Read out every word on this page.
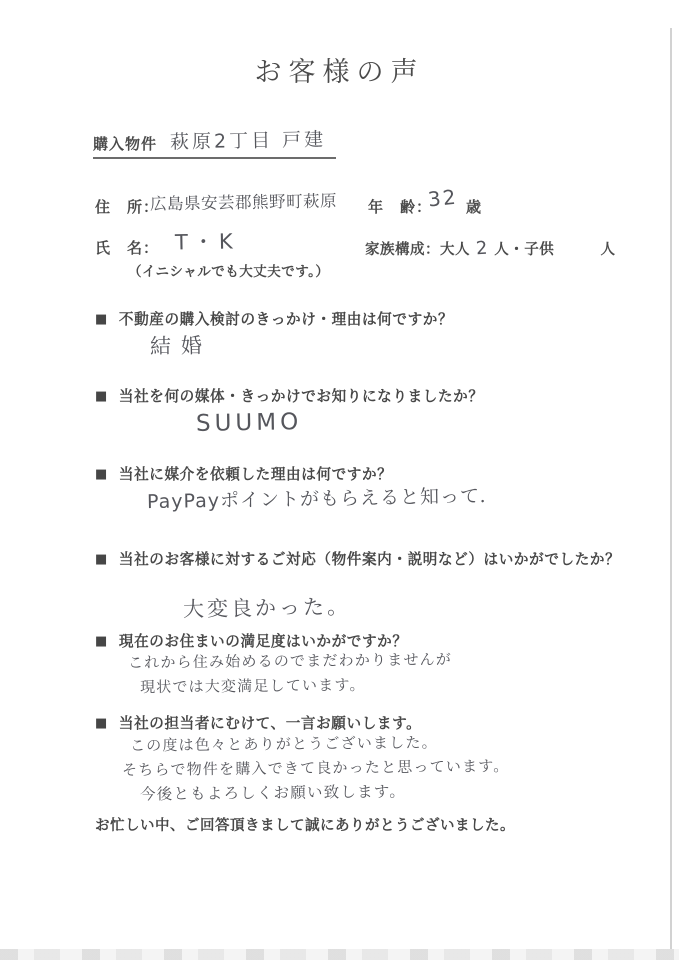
お客様の声
購入物件 萩原2丁目 戸建
住　所：
広島県安芸郡熊野町萩原 年　齢：
32 歳
氏　名： T・K
（イニシャルでも大丈夫です。）
家族構成：大人 2 人・子供	人
■ 不動産の購入検討のきっかけ・理由は何ですか？
結婚
■ 当社を何の媒体・きっかけでお知りになりましたか？
SUUMO
■ 当社に媒介を依頼した理由は何ですか？
PayPayポイントがもらえると知って．
■ 当社のお客様に対するご対応（物件案内・説明など）はいかがでしたか？
大変良かった。
■ 現在のお住まいの満足度はいかがですか？
これから住み始めるのでまだわかりませんが
現状では大変満足しています。
■ 当社の担当者にむけて、一言お願いします。
この度は色々とありがとうございました。
そちらで物件を購入できて良かったと思っています。
今後ともよろしくお願い致します。
お忙しい中、ご回答頂きまして誠にありがとうございました。
